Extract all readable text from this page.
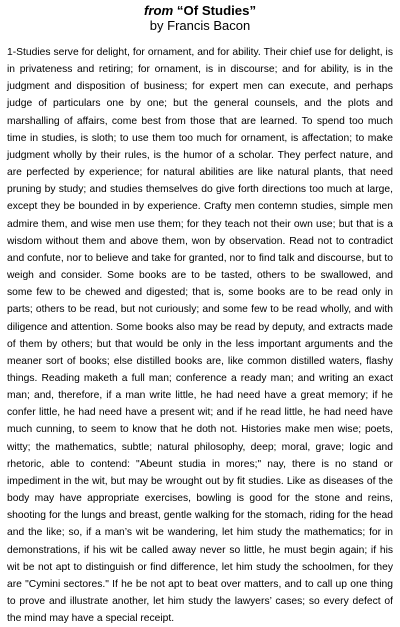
from “Of Studies”
by Francis Bacon

1-Studies serve for delight, for ornament, and for ability. Their chief use for delight, is in privateness and retiring; for ornament, is in discourse; and for ability, is in the judgment and disposition of business; for expert men can execute, and perhaps judge of particulars one by one; but the general counsels, and the plots and marshalling of affairs, come best from those that are learned. To spend too much time in studies, is sloth; to use them too much for ornament, is affectation; to make judgment wholly by their rules, is the humor of a scholar. They perfect nature, and are perfected by experience; for natural abilities are like natural plants, that need pruning by study; and studies themselves do give forth directions too much at large, except they be bounded in by experience. Crafty men contemn studies, simple men admire them, and wise men use them; for they teach not their own use; but that is a wisdom without them and above them, won by observation. Read not to contradict and confute, nor to believe and take for granted, nor to find talk and discourse, but to weigh and consider. Some books are to be tasted, others to be swallowed, and some few to be chewed and digested; that is, some books are to be read only in parts; others to be read, but not curiously; and some few to be read wholly, and with diligence and attention. Some books also may be read by deputy, and extracts made of them by others; but that would be only in the less important arguments and the meaner sort of books; else distilled books are, like common distilled waters, flashy things. Reading maketh a full man; conference a ready man; and writing an exact man; and, therefore, if a man write little, he had need have a great memory; if he confer little, he had need have a present wit; and if he read little, he had need have much cunning, to seem to know that he doth not. Histories make men wise; poets, witty; the mathematics, subtle; natural philosophy, deep; moral, grave; logic and rhetoric, able to contend: "Abeunt studia in mores;" nay, there is no stand or impediment in the wit, but may be wrought out by fit studies. Like as diseases of the body may have appropriate exercises, bowling is good for the stone and reins, shooting for the lungs and breast, gentle walking for the stomach, riding for the head and the like; so, if a man’s wit be wandering, let him study the mathematics; for in demonstrations, if his wit be called away never so little, he must begin again; if his wit be not apt to distinguish or find difference, let him study the schoolmen, for they are "Cymini sectores." If he be not apt to beat over matters, and to call up one thing to prove and illustrate another, let him study the lawyers’ cases; so every defect of the mind may have a special receipt.
